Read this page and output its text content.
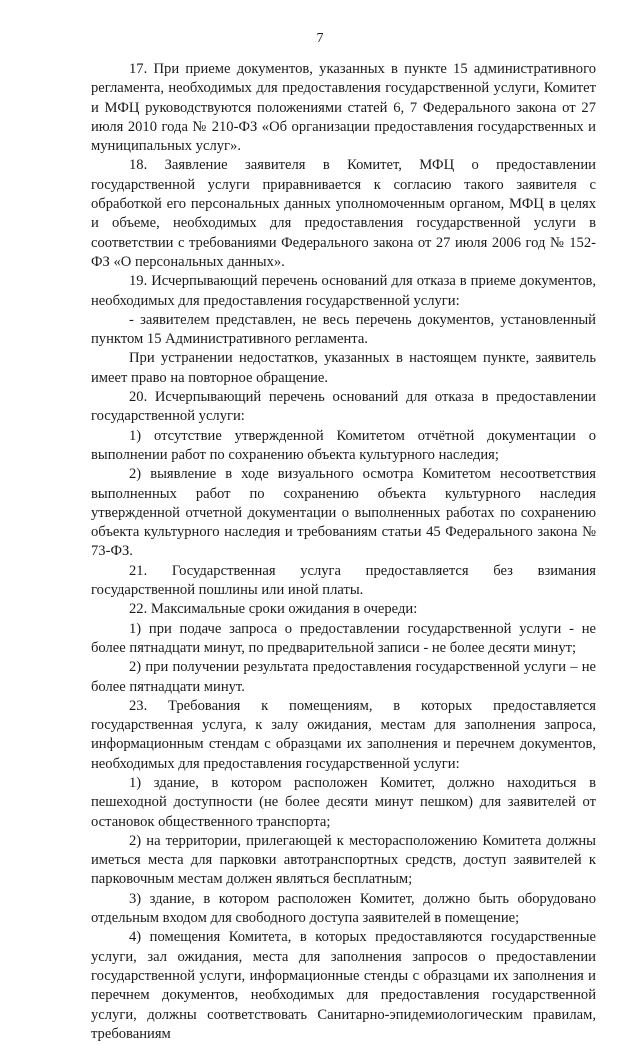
7

17. При приеме документов, указанных в пункте 15 административного регламента, необходимых для предоставления государственной услуги, Комитет и МФЦ руководствуются положениями статей 6, 7 Федерального закона от 27 июля 2010 года № 210-ФЗ «Об организации предоставления государственных и муниципальных услуг».

18. Заявление заявителя в Комитет, МФЦ о предоставлении государственной услуги приравнивается к согласию такого заявителя с обработкой его персональных данных уполномоченным органом, МФЦ в целях и объеме, необходимых для предоставления государственной услуги в соответствии с требованиями Федерального закона от 27 июля 2006 год № 152-ФЗ «О персональных данных».

19. Исчерпывающий перечень оснований для отказа в приеме документов, необходимых для предоставления государственной услуги:

- заявителем представлен, не весь перечень документов, установленный пунктом 15 Административного регламента.

При устранении недостатков, указанных в настоящем пункте, заявитель имеет право на повторное обращение.

20. Исчерпывающий перечень оснований для отказа в предоставлении государственной услуги:

1) отсутствие утвержденной Комитетом отчётной документации о выполнении работ по сохранению объекта культурного наследия;

2) выявление в ходе визуального осмотра Комитетом несоответствия выполненных работ по сохранению объекта культурного наследия утвержденной отчетной документации о выполненных работах по сохранению объекта культурного наследия и требованиям статьи 45 Федерального закона № 73-ФЗ.

21. Государственная услуга предоставляется без взимания государственной пошлины или иной платы.

22. Максимальные сроки ожидания в очереди:

1) при подаче запроса о предоставлении государственной услуги - не более пятнадцати минут, по предварительной записи - не более десяти минут;

2) при получении результата предоставления государственной услуги – не более пятнадцати минут.

23. Требования к помещениям, в которых предоставляется государственная услуга, к залу ожидания, местам для заполнения запроса, информационным стендам с образцами их заполнения и перечнем документов, необходимых для предоставления государственной услуги:

1) здание, в котором расположен Комитет, должно находиться в пешеходной доступности (не более десяти минут пешком) для заявителей от остановок общественного транспорта;

2) на территории, прилегающей к месторасположению Комитета должны иметься места для парковки автотранспортных средств, доступ заявителей к парковочным местам должен являться бесплатным;

3) здание, в котором расположен Комитет, должно быть оборудовано отдельным входом для свободного доступа заявителей в помещение;

4) помещения Комитета, в которых предоставляются государственные услуги, зал ожидания, места для заполнения запросов о предоставлении государственной услуги, информационные стенды с образцами их заполнения и перечнем документов, необходимых для предоставления государственной услуги, должны соответствовать Санитарно-эпидемиологическим правилам, требованиям
